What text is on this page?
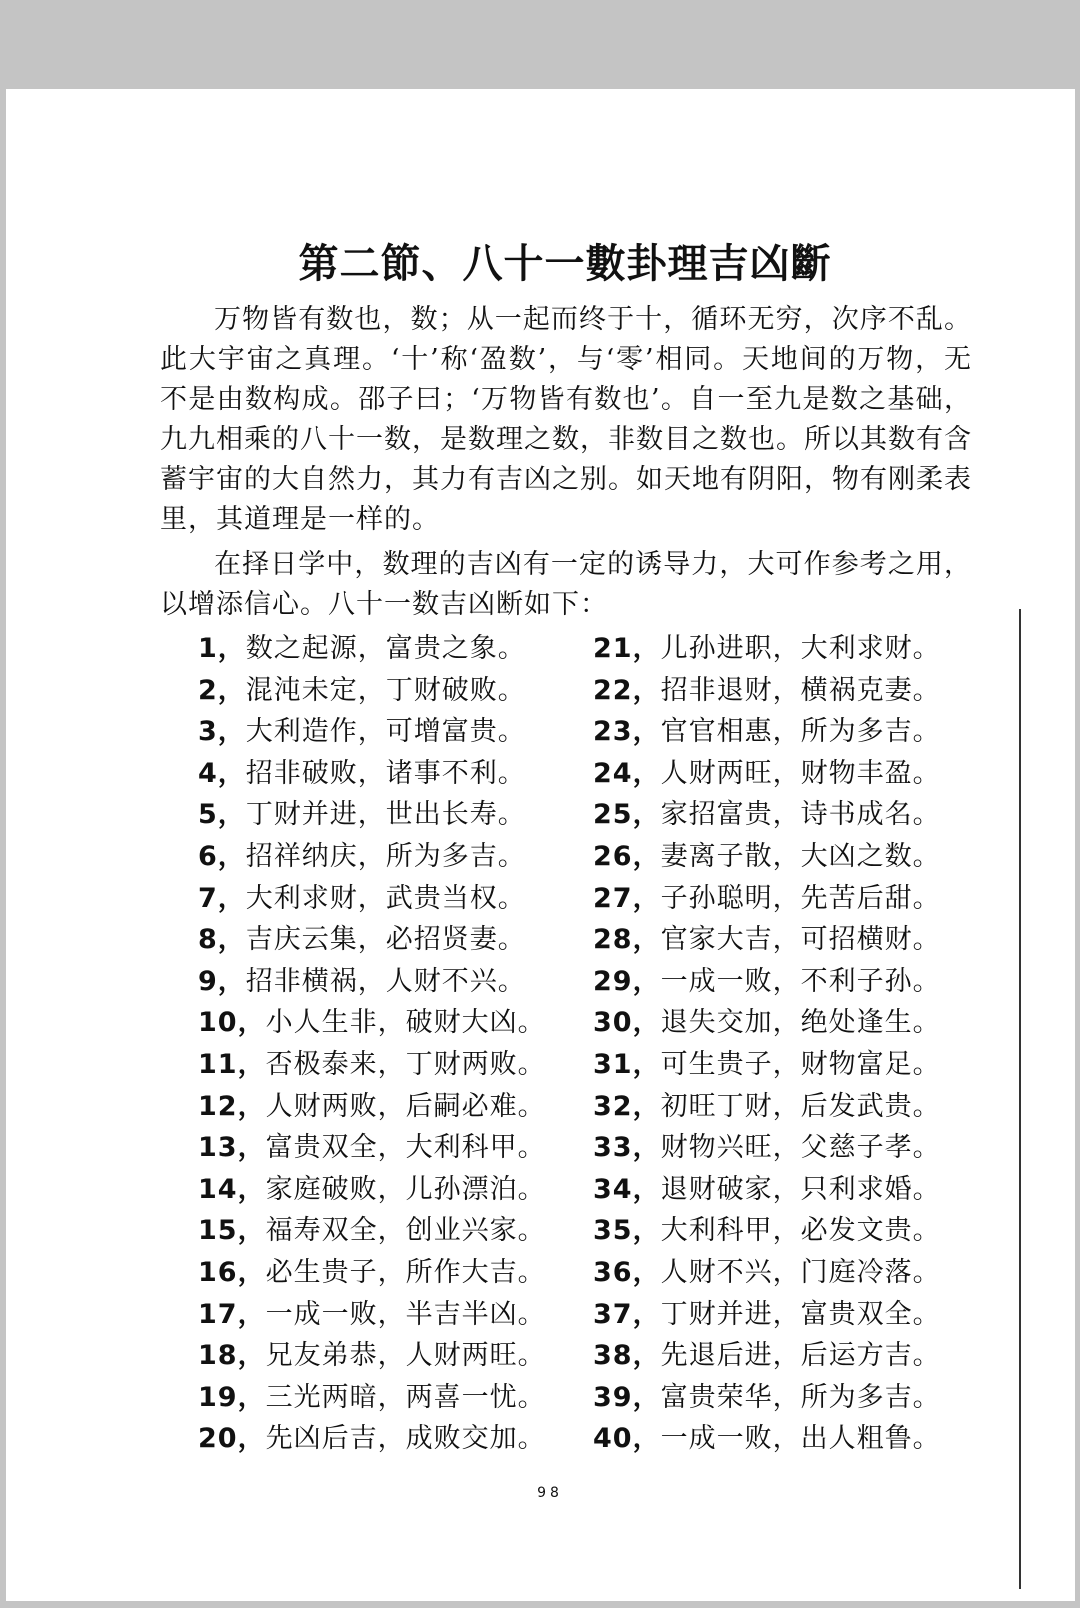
第二節、八十一數卦理吉凶斷
万物皆有数也，数；从一起而终于十，循环无穷，次序不乱。此大宇宙之真理。‘十’称‘盈数’，与‘零’相同。天地间的万物，无不是由数构成。邵子曰；‘万物皆有数也’。自一至九是数之基础，九九相乘的八十一数，是数理之数，非数目之数也。所以其数有含蓄宇宙的大自然力，其力有吉凶之别。如天地有阴阳，物有刚柔表里，其道理是一样的。
在择日学中，数理的吉凶有一定的诱导力，大可作参考之用，以增添信心。八十一数吉凶断如下：
1，数之起源，富贵之象。
2，混沌未定，丁财破败。
3，大利造作，可增富贵。
4，招非破败，诸事不利。
5，丁财并进，世出长寿。
6，招祥纳庆，所为多吉。
7，大利求财，武贵当权。
8，吉庆云集，必招贤妻。
9，招非横祸，人财不兴。
10，小人生非，破财大凶。
11，否极泰来，丁财两败。
12，人财两败，后嗣必难。
13，富贵双全，大利科甲。
14，家庭破败，儿孙漂泊。
15，福寿双全，创业兴家。
16，必生贵子，所作大吉。
17，一成一败，半吉半凶。
18，兄友弟恭，人财两旺。
19，三光两暗，两喜一忧。
20，先凶后吉，成败交加。
21，儿孙进职，大利求财。
22，招非退财，横祸克妻。
23，官官相惠，所为多吉。
24，人财两旺，财物丰盈。
25，家招富贵，诗书成名。
26，妻离子散，大凶之数。
27，子孙聪明，先苦后甜。
28，官家大吉，可招横财。
29，一成一败，不利子孙。
30，退失交加，绝处逢生。
31，可生贵子，财物富足。
32，初旺丁财，后发武贵。
33，财物兴旺，父慈子孝。
34，退财破家，只利求婚。
35，大利科甲，必发文贵。
36，人财不兴，门庭冷落。
37，丁财并进，富贵双全。
38，先退后进，后运方吉。
39，富贵荣华，所为多吉。
40，一成一败，出人粗鲁。
98
